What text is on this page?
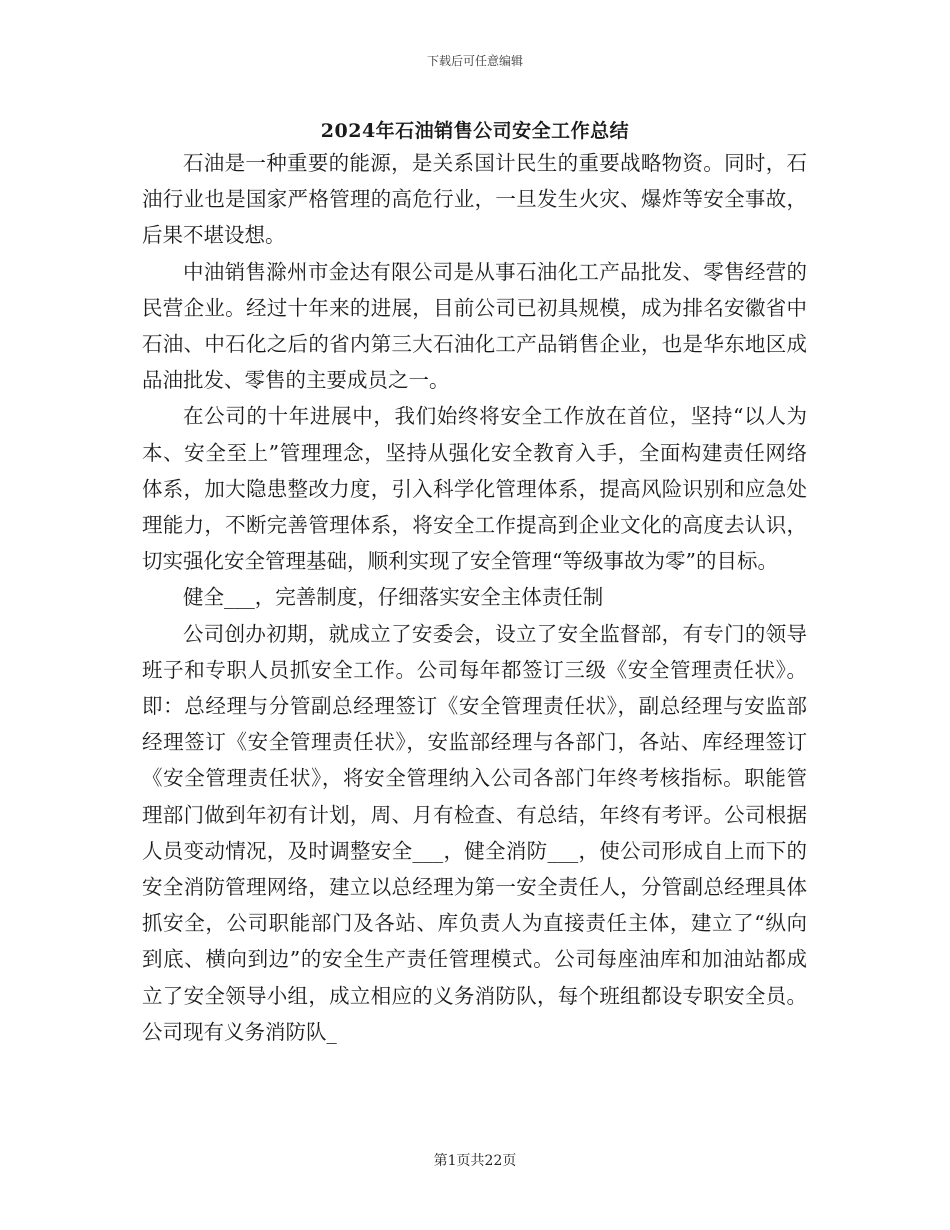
下载后可任意编辑
2024年石油销售公司安全工作总结

石油是一种重要的能源，是关系国计民生的重要战略物资。同时，石油行业也是国家严格管理的高危行业，一旦发生火灾、爆炸等安全事故，后果不堪设想。

中油销售滁州市金达有限公司是从事石油化工产品批发、零售经营的民营企业。经过十年来的进展，目前公司已初具规模，成为排名安徽省中石油、中石化之后的省内第三大石油化工产品销售企业，也是华东地区成品油批发、零售的主要成员之一。

在公司的十年进展中，我们始终将安全工作放在首位，坚持“以人为本、安全至上”管理理念，坚持从强化安全教育入手，全面构建责任网络体系，加大隐患整改力度，引入科学化管理体系，提高风险识别和应急处理能力，不断完善管理体系，将安全工作提高到企业文化的高度去认识，切实强化安全管理基础，顺利实现了安全管理“等级事故为零”的目标。

健全___，完善制度，仔细落实安全主体责任制

公司创办初期，就成立了安委会，设立了安全监督部，有专门的领导班子和专职人员抓安全工作。公司每年都签订三级《安全管理责任状》。即：总经理与分管副总经理签订《安全管理责任状》，副总经理与安监部经理签订《安全管理责任状》，安监部经理与各部门，各站、库经理签订《安全管理责任状》，将安全管理纳入公司各部门年终考核指标。职能管理部门做到年初有计划，周、月有检查、有总结，年终有考评。公司根据人员变动情况，及时调整安全___，健全消防___，使公司形成自上而下的安全消防管理网络，建立以总经理为第一安全责任人，分管副总经理具体抓安全，公司职能部门及各站、库负责人为直接责任主体，建立了“纵向到底、横向到边”的安全生产责任管理模式。公司每座油库和加油站都成立了安全领导小组，成立相应的义务消防队，每个班组都设专职安全员。公司现有义务消防队_

第1页共22页
